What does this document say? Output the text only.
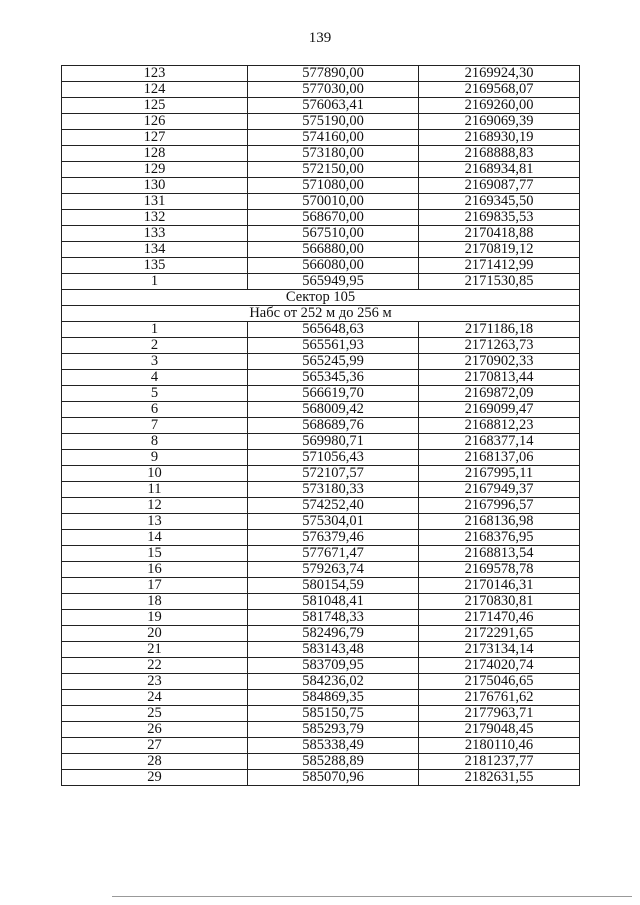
139
123	577890,00	2169924,30
124	577030,00	2169568,07
125	576063,41	2169260,00
126	575190,00	2169069,39
127	574160,00	2168930,19
128	573180,00	2168888,83
129	572150,00	2168934,81
130	571080,00	2169087,77
131	570010,00	2169345,50
132	568670,00	2169835,53
133	567510,00	2170418,88
134	566880,00	2170819,12
135	566080,00	2171412,99
1	565949,95	2171530,85
Сектор 105		
Набс от 252 м до 256 м		
1	565648,63	2171186,18
2	565561,93	2171263,73
3	565245,99	2170902,33
4	565345,36	2170813,44
5	566619,70	2169872,09
6	568009,42	2169099,47
7	568689,76	2168812,23
8	569980,71	2168377,14
9	571056,43	2168137,06
10	572107,57	2167995,11
11	573180,33	2167949,37
12	574252,40	2167996,57
13	575304,01	2168136,98
14	576379,46	2168376,95
15	577671,47	2168813,54
16	579263,74	2169578,78
17	580154,59	2170146,31
18	581048,41	2170830,81
19	581748,33	2171470,46
20	582496,79	2172291,65
21	583143,48	2173134,14
22	583709,95	2174020,74
23	584236,02	2175046,65
24	584869,35	2176761,62
25	585150,75	2177963,71
26	585293,79	2179048,45
27	585338,49	2180110,46
28	585288,89	2181237,77
29	585070,96	2182631,55
